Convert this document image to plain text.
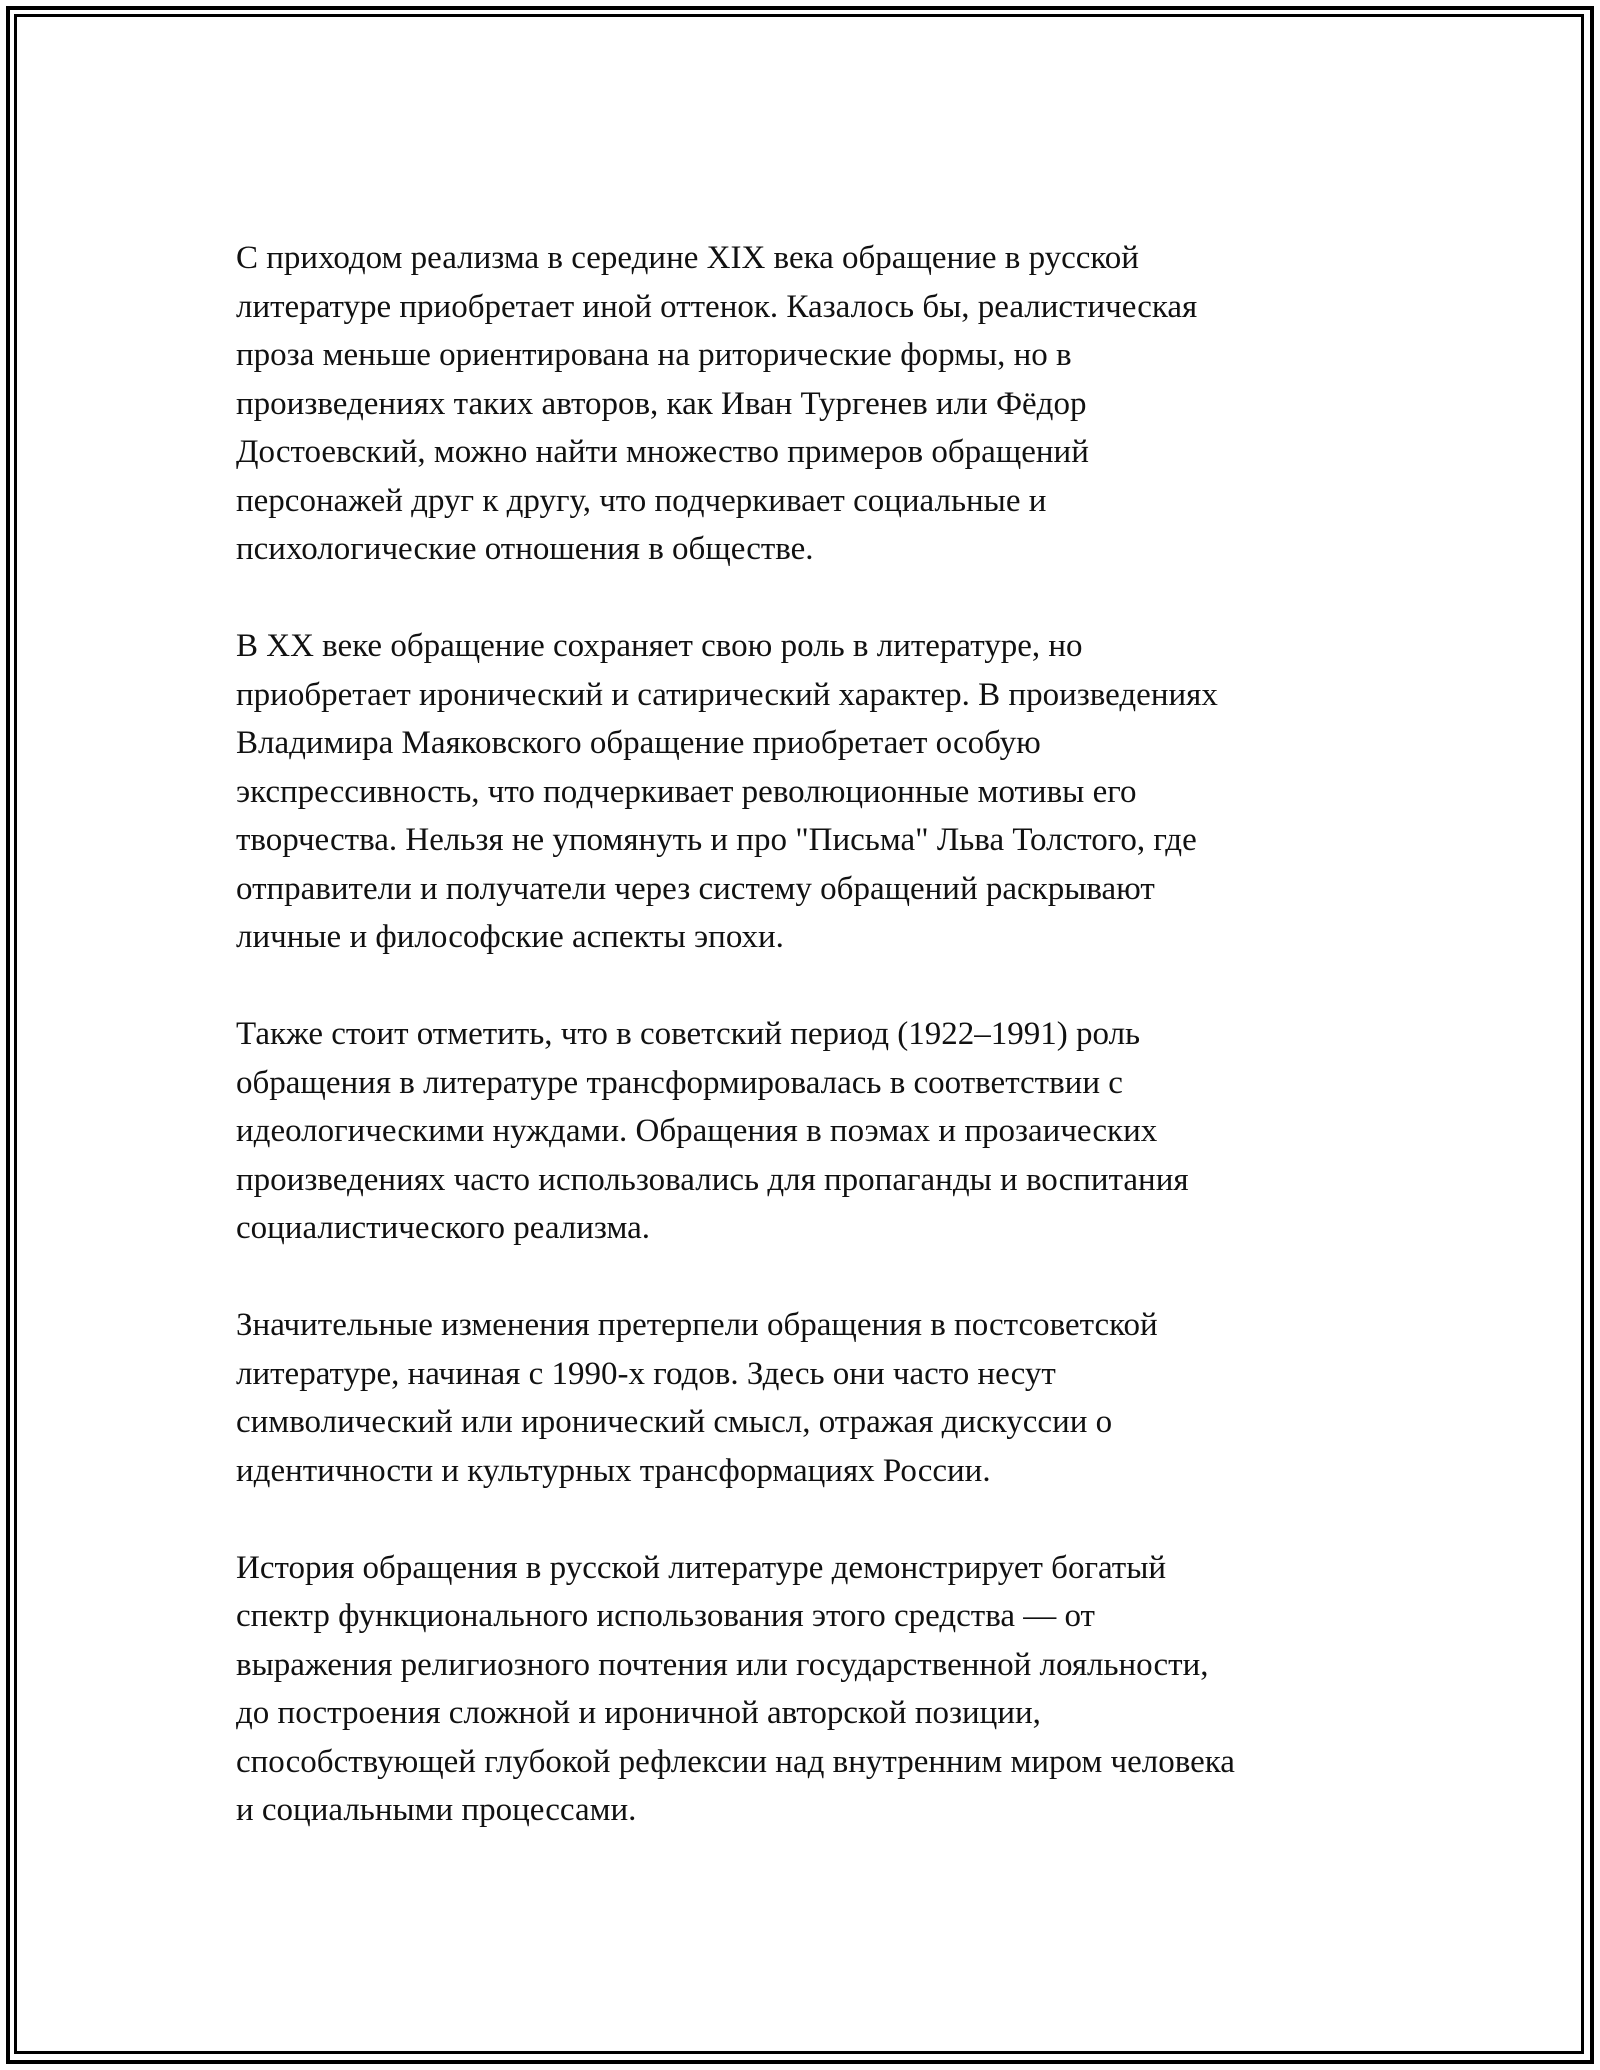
С приходом реализма в середине XIX века обращение в русской
литературе приобретает иной оттенок. Казалось бы, реалистическая
проза меньше ориентирована на риторические формы, но в
произведениях таких авторов, как Иван Тургенев или Фёдор
Достоевский, можно найти множество примеров обращений
персонажей друг к другу, что подчеркивает социальные и
психологические отношения в обществе.

В XX веке обращение сохраняет свою роль в литературе, но
приобретает иронический и сатирический характер. В произведениях
Владимира Маяковского обращение приобретает особую
экспрессивность, что подчеркивает революционные мотивы его
творчества. Нельзя не упомянуть и про "Письма" Льва Толстого, где
отправители и получатели через систему обращений раскрывают
личные и философские аспекты эпохи.

Также стоит отметить, что в советский период (1922–1991) роль
обращения в литературе трансформировалась в соответствии с
идеологическими нуждами. Обращения в поэмах и прозаических
произведениях часто использовались для пропаганды и воспитания
социалистического реализма.

Значительные изменения претерпели обращения в постсоветской
литературе, начиная с 1990-х годов. Здесь они часто несут
символический или иронический смысл, отражая дискуссии о
идентичности и культурных трансформациях России.

История обращения в русской литературе демонстрирует богатый
спектр функционального использования этого средства — от
выражения религиозного почтения или государственной лояльности,
до построения сложной и ироничной авторской позиции,
способствующей глубокой рефлексии над внутренним миром человека
и социальными процессами.
